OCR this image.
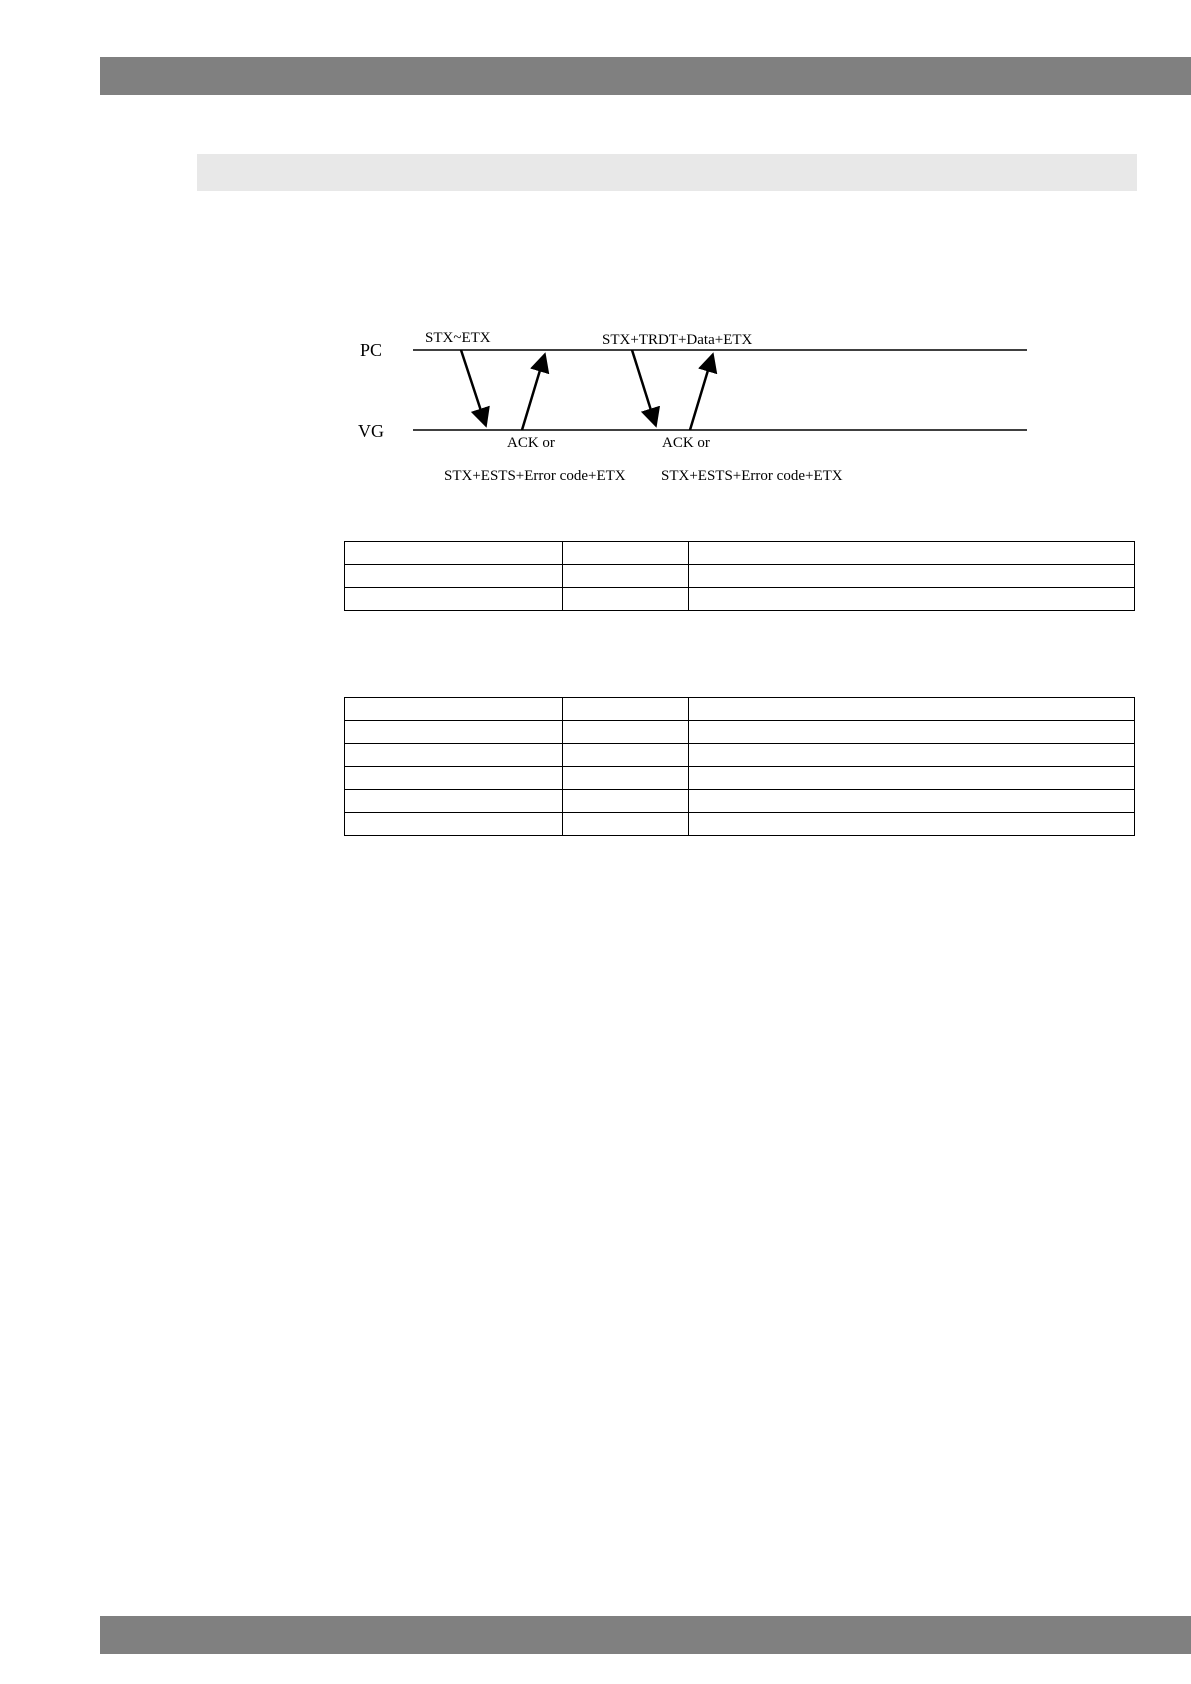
PC
VG
STX~ETX	STX+TRDT+Data+ETX
ACK or	ACK or
STX+ESTS+Error code+ETX STX+ESTS+Error code+ETX
